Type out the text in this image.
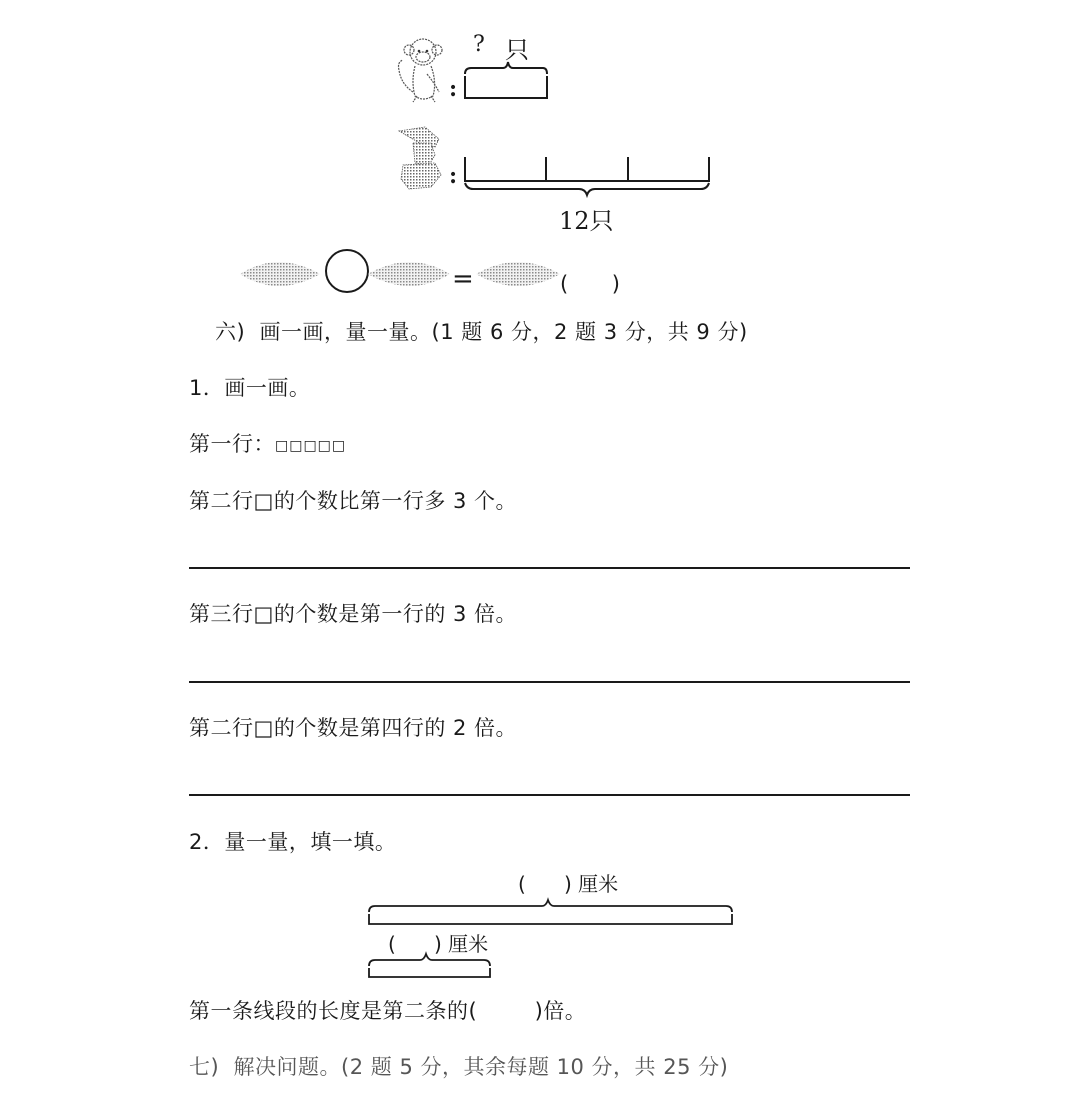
:
? 只
:
12只
=	(      )
六)  画一画，量一量。(1 题 6 分，2 题 3 分，共 9 分)
1．画一画。
第一行：□□□□□
第二行□的个数比第一行多 3 个。
第三行□的个数是第一行的 3 倍。
第二行□的个数是第四行的 2 倍。
2．量一量，填一填。
(      ) 厘米
(      ) 厘米
第一条线段的长度是第二条的(        )倍。
七)  解决问题。(2 题 5 分，其余每题 10 分，共 25 分)
